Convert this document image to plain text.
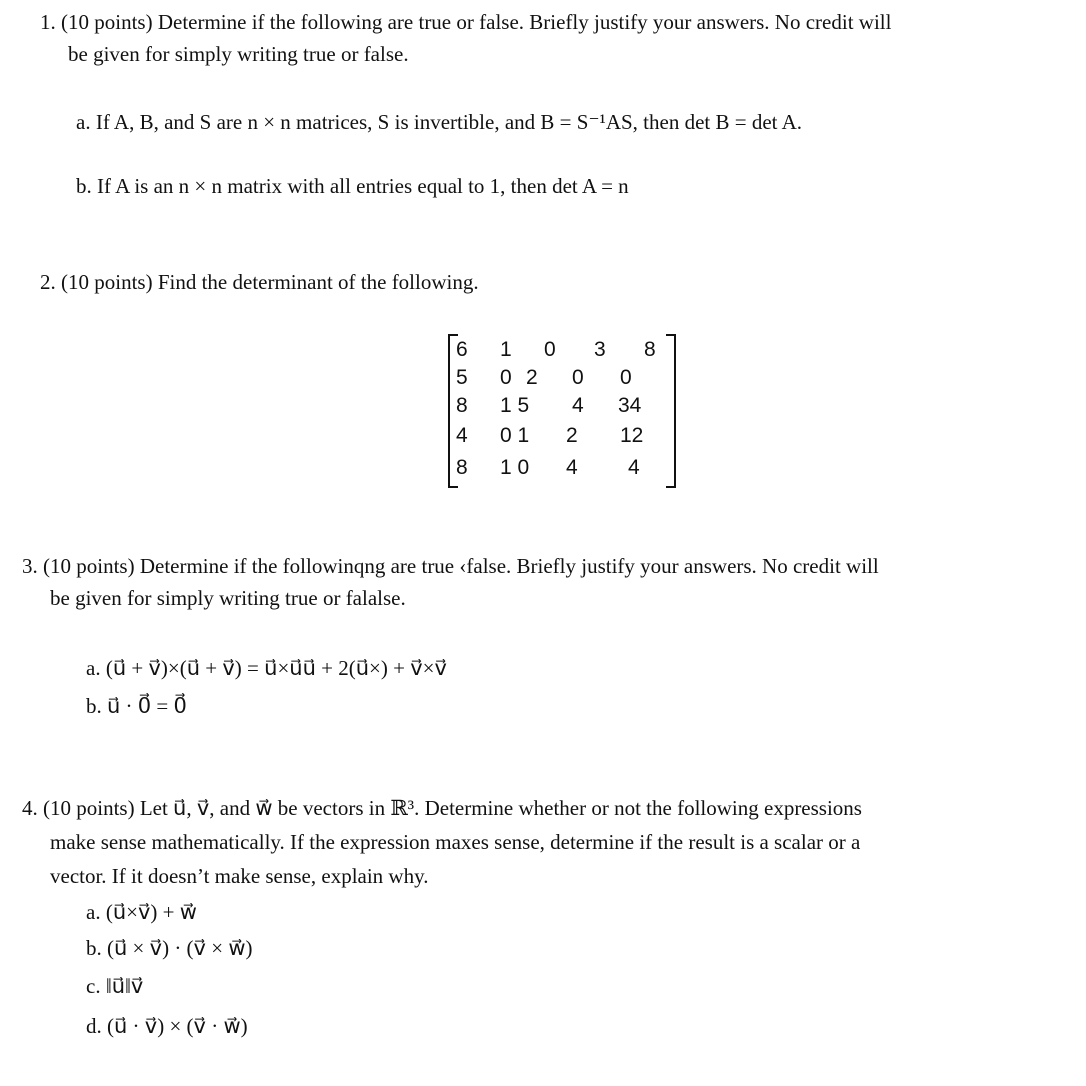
1. (10 points) Determine if the following are true or false. Briefly justify your answers. No credit will
be given for simply writing true or false.
a. If A, B, and S are n × n matrices, S is invertible, and B = S⁻¹AS, then det B = det A.
b. If A is an n × n matrix with all entries equal to 1, then det A = n
2. (10 points) Find the determinant of the following.
6 1 0 3 8
5 0 2 0 0
8 1 5 4 34
4 0 1 2 12
8 1 0 4 4
3. (10 points) Determine if the followinqng are true ‹false. Briefly justify your answers. No credit will
be given for simply writing true or falalse.
a. (u⃗ + v⃗)×(u⃗ + v⃗) = u⃗×u⃗u⃗ + 2(u⃗×) + v⃗×v⃗
b. u⃗ · 0⃗ = 0⃗
4. (10 points) Let u⃗, v⃗, and w⃗ be vectors in ℝ³. Determine whether or not the following expressions
make sense mathematically. If the expression maxes sense, determine if the result is a scalar or a
vector. If it doesn’t make sense, explain why.
a. (u⃗×v⃗) + w⃗
b. (u⃗ × v⃗) · (v⃗ × w⃗)
c. ‖u⃗‖v⃗
d. (u⃗ · v⃗) × (v⃗ · w⃗)
